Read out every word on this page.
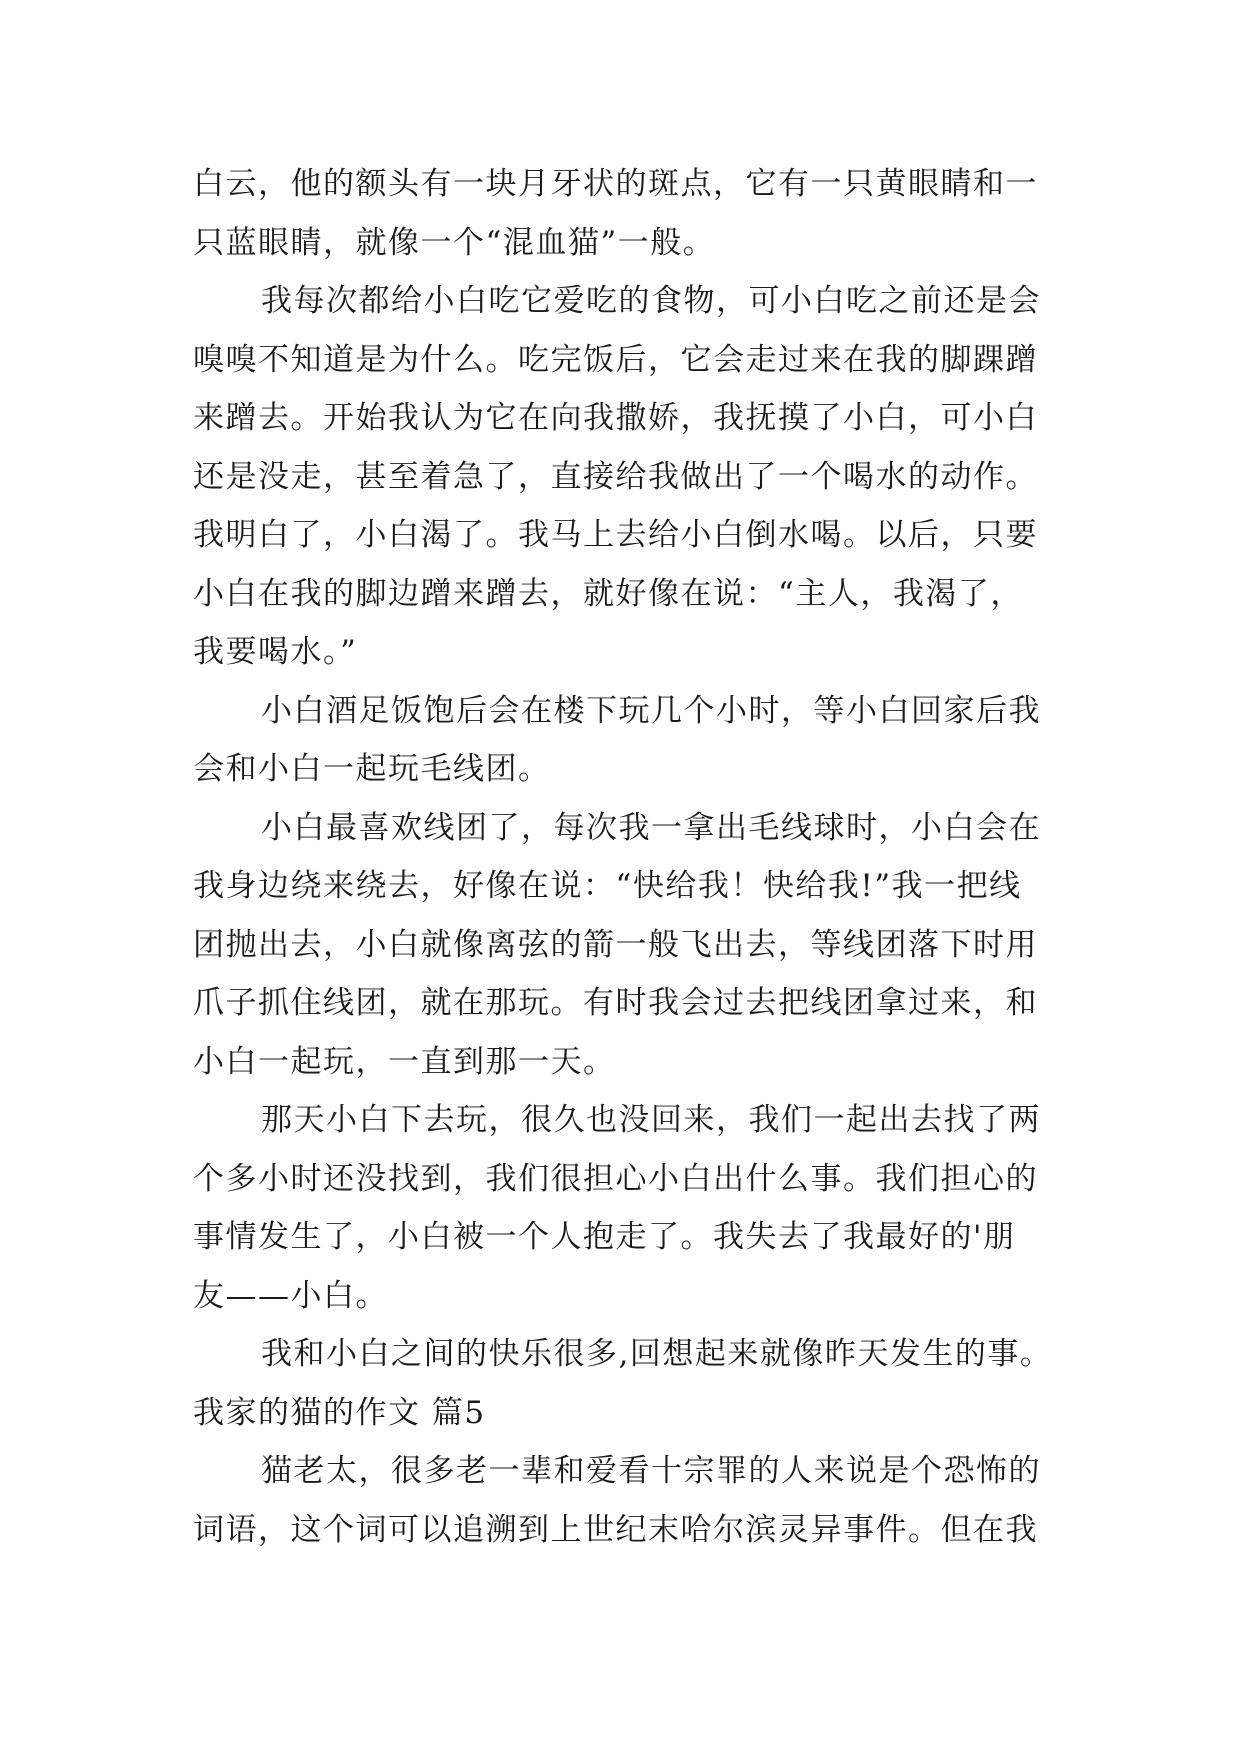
白云，他的额头有一块月牙状的斑点，它有一只黄眼睛和一
只蓝眼睛，就像一个“混血猫”一般。
我每次都给小白吃它爱吃的食物，可小白吃之前还是会
嗅嗅不知道是为什么。吃完饭后，它会走过来在我的脚踝蹭
来蹭去。开始我认为它在向我撒娇，我抚摸了小白，可小白
还是没走，甚至着急了，直接给我做出了一个喝水的动作。
我明白了，小白渴了。我马上去给小白倒水喝。以后，只要
小白在我的脚边蹭来蹭去，就好像在说：“主人，我渴了，
我要喝水。”
小白酒足饭饱后会在楼下玩几个小时，等小白回家后我
会和小白一起玩毛线团。
小白最喜欢线团了，每次我一拿出毛线球时，小白会在
我身边绕来绕去，好像在说：“快给我！快给我!”我一把线
团抛出去，小白就像离弦的箭一般飞出去，等线团落下时用
爪子抓住线团，就在那玩。有时我会过去把线团拿过来，和
小白一起玩，一直到那一天。
那天小白下去玩，很久也没回来，我们一起出去找了两
个多小时还没找到，我们很担心小白出什么事。我们担心的
事情发生了，小白被一个人抱走了。我失去了我最好的'朋
友——小白。
我和小白之间的快乐很多,回想起来就像昨天发生的事。
我家的猫的作文 篇5
猫老太，很多老一辈和爱看十宗罪的人来说是个恐怖的
词语，这个词可以追溯到上世纪末哈尔滨灵异事件。但在我
